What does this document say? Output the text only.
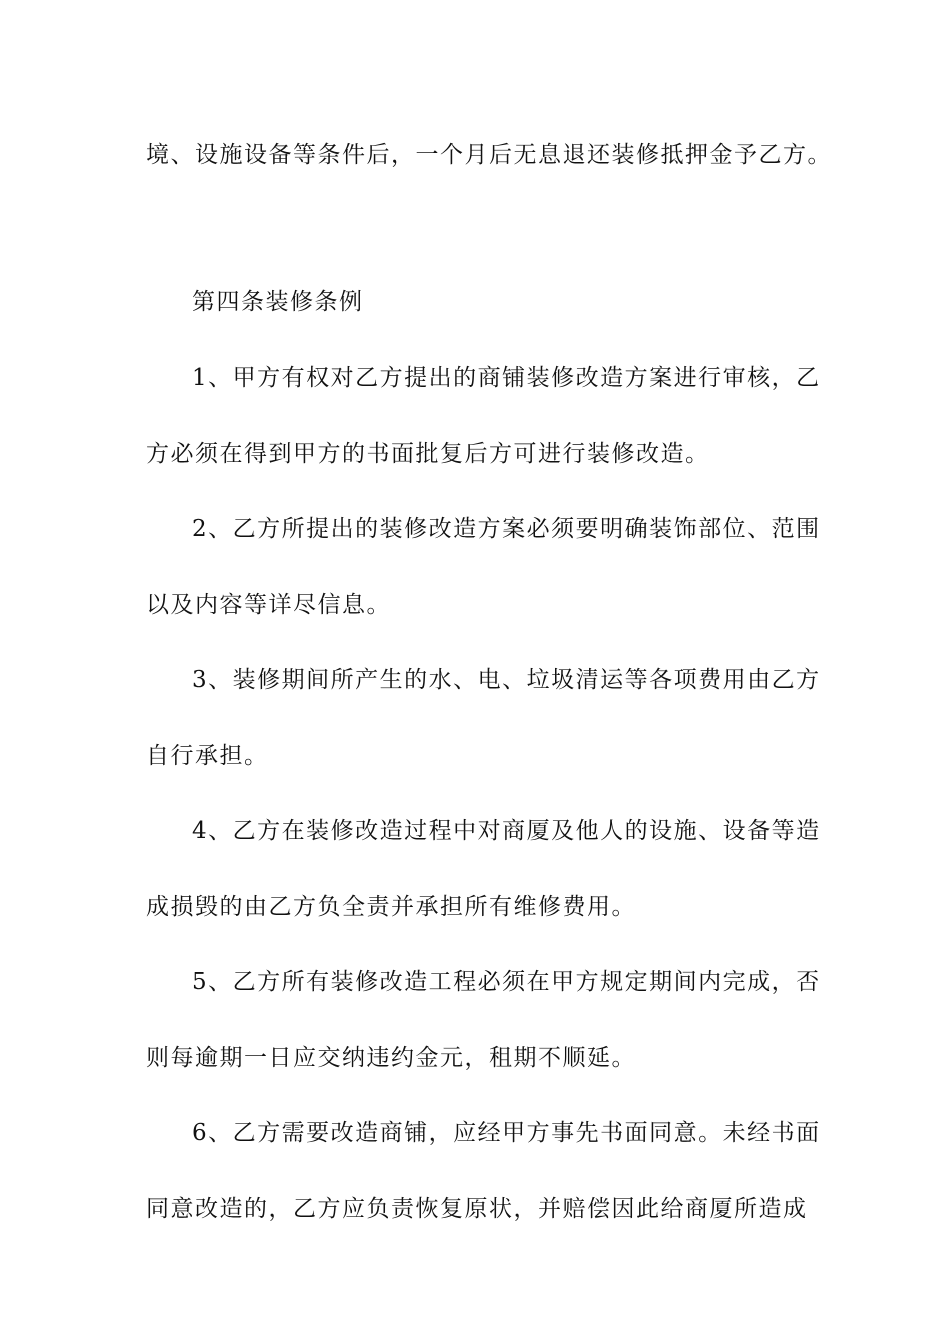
境、设施设备等条件后，一个月后无息退还装修抵押金予乙方。
第四条装修条例
1、甲方有权对乙方提出的商铺装修改造方案进行审核，乙
方必须在得到甲方的书面批复后方可进行装修改造。
2、乙方所提出的装修改造方案必须要明确装饰部位、范围
以及内容等详尽信息。
3、装修期间所产生的水、电、垃圾清运等各项费用由乙方
自行承担。
4、乙方在装修改造过程中对商厦及他人的设施、设备等造
成损毁的由乙方负全责并承担所有维修费用。
5、乙方所有装修改造工程必须在甲方规定期间内完成，否
则每逾期一日应交纳违约金元，租期不顺延。
6、乙方需要改造商铺，应经甲方事先书面同意。未经书面
同意改造的，乙方应负责恢复原状，并赔偿因此给商厦所造成
